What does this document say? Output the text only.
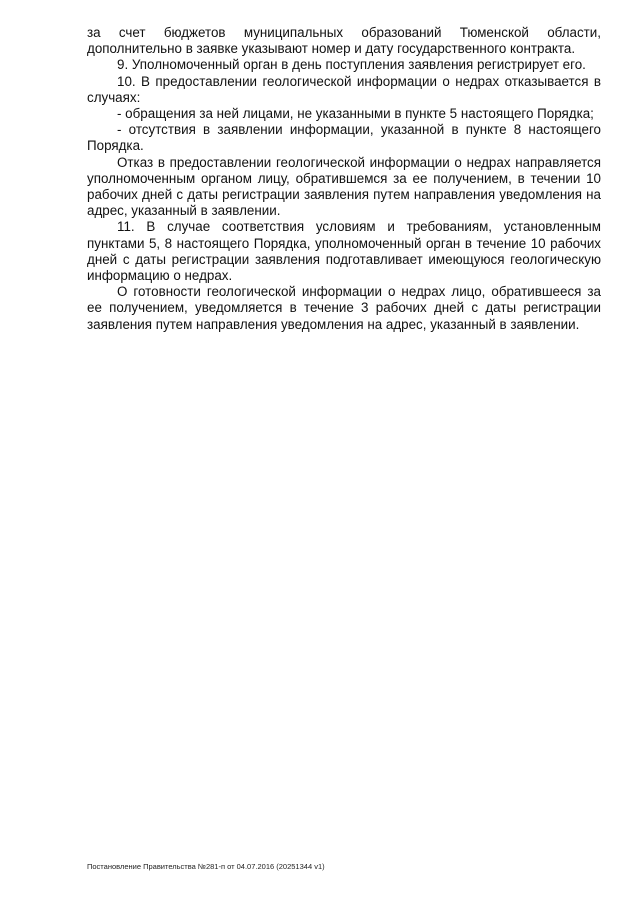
за счет бюджетов муниципальных образований Тюменской области, дополнительно в заявке указывают номер и дату государственного контракта.

9. Уполномоченный орган в день поступления заявления регистрирует его.

10. В предоставлении геологической информации о недрах отказывается в случаях:

- обращения за ней лицами, не указанными в пункте 5 настоящего Порядка;

- отсутствия в заявлении информации, указанной в пункте 8 настоящего Порядка.

Отказ в предоставлении геологической информации о недрах направляется уполномоченным органом лицу, обратившемся за ее получением, в течении 10 рабочих дней с даты регистрации заявления путем направления уведомления на адрес, указанный в заявлении.

11. В случае соответствия условиям и требованиям, установленным пунктами 5, 8 настоящего Порядка, уполномоченный орган в течение 10 рабочих дней с даты регистрации заявления подготавливает имеющуюся геологическую информацию о недрах.

О готовности геологической информации о недрах лицо, обратившееся за ее получением, уведомляется в течение 3 рабочих дней с даты регистрации заявления путем направления уведомления на адрес, указанный в заявлении.

Постановление Правительства №281-п от 04.07.2016 (20251344 v1)
